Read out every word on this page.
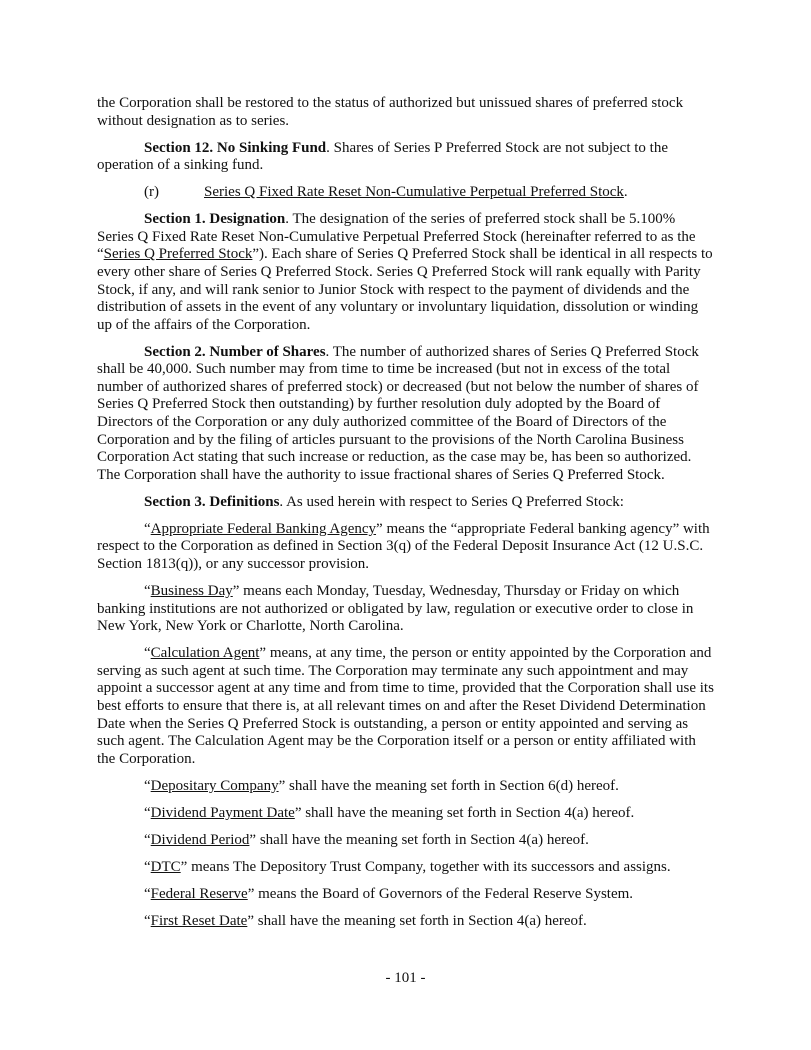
the Corporation shall be restored to the status of authorized but unissued shares of preferred stock without designation as to series.

Section 12. No Sinking Fund. Shares of Series P Preferred Stock are not subject to the operation of a sinking fund.

(r)	Series Q Fixed Rate Reset Non-Cumulative Perpetual Preferred Stock.

Section 1. Designation. The designation of the series of preferred stock shall be 5.100% Series Q Fixed Rate Reset Non-Cumulative Perpetual Preferred Stock (hereinafter referred to as the “Series Q Preferred Stock”). Each share of Series Q Preferred Stock shall be identical in all respects to every other share of Series Q Preferred Stock. Series Q Preferred Stock will rank equally with Parity Stock, if any, and will rank senior to Junior Stock with respect to the payment of dividends and the distribution of assets in the event of any voluntary or involuntary liquidation, dissolution or winding up of the affairs of the Corporation.

Section 2. Number of Shares. The number of authorized shares of Series Q Preferred Stock shall be 40,000. Such number may from time to time be increased (but not in excess of the total number of authorized shares of preferred stock) or decreased (but not below the number of shares of Series Q Preferred Stock then outstanding) by further resolution duly adopted by the Board of Directors of the Corporation or any duly authorized committee of the Board of Directors of the Corporation and by the filing of articles pursuant to the provisions of the North Carolina Business Corporation Act stating that such increase or reduction, as the case may be, has been so authorized. The Corporation shall have the authority to issue fractional shares of Series Q Preferred Stock.

Section 3. Definitions. As used herein with respect to Series Q Preferred Stock:

“Appropriate Federal Banking Agency” means the “appropriate Federal banking agency” with respect to the Corporation as defined in Section 3(q) of the Federal Deposit Insurance Act (12 U.S.C. Section 1813(q)), or any successor provision.

“Business Day” means each Monday, Tuesday, Wednesday, Thursday or Friday on which banking institutions are not authorized or obligated by law, regulation or executive order to close in New York, New York or Charlotte, North Carolina.

“Calculation Agent” means, at any time, the person or entity appointed by the Corporation and serving as such agent at such time. The Corporation may terminate any such appointment and may appoint a successor agent at any time and from time to time, provided that the Corporation shall use its best efforts to ensure that there is, at all relevant times on and after the Reset Dividend Determination Date when the Series Q Preferred Stock is outstanding, a person or entity appointed and serving as such agent. The Calculation Agent may be the Corporation itself or a person or entity affiliated with the Corporation.

“Depositary Company” shall have the meaning set forth in Section 6(d) hereof.

“Dividend Payment Date” shall have the meaning set forth in Section 4(a) hereof.

“Dividend Period” shall have the meaning set forth in Section 4(a) hereof.

“DTC” means The Depository Trust Company, together with its successors and assigns.

“Federal Reserve” means the Board of Governors of the Federal Reserve System.

“First Reset Date” shall have the meaning set forth in Section 4(a) hereof.

- 101 -
